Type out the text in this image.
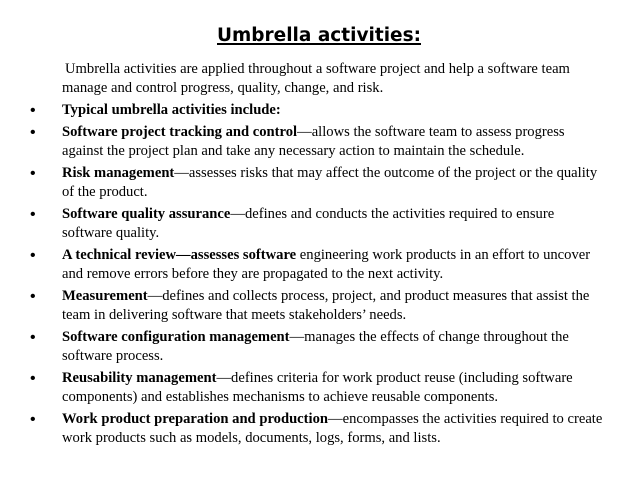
Umbrella activities:

Umbrella activities are applied throughout a software project and help a software team manage and control progress, quality, change, and risk.

• Typical umbrella activities include:
• Software project tracking and control—allows the software team to assess progress against the project plan and take any necessary action to maintain the schedule.
• Risk management—assesses risks that may affect the outcome of the project or the quality of the product.
• Software quality assurance—defines and conducts the activities required to ensure software quality.
• A technical review—assesses software engineering work products in an effort to uncover and remove errors before they are propagated to the next activity.
• Measurement—defines and collects process, project, and product measures that assist the team in delivering software that meets stakeholders’ needs.
• Software configuration management—manages the effects of change throughout the software process.
• Reusability management—defines criteria for work product reuse (including software components) and establishes mechanisms to achieve reusable components.
• Work product preparation and production—encompasses the activities required to create work products such as models, documents, logs, forms, and lists.
